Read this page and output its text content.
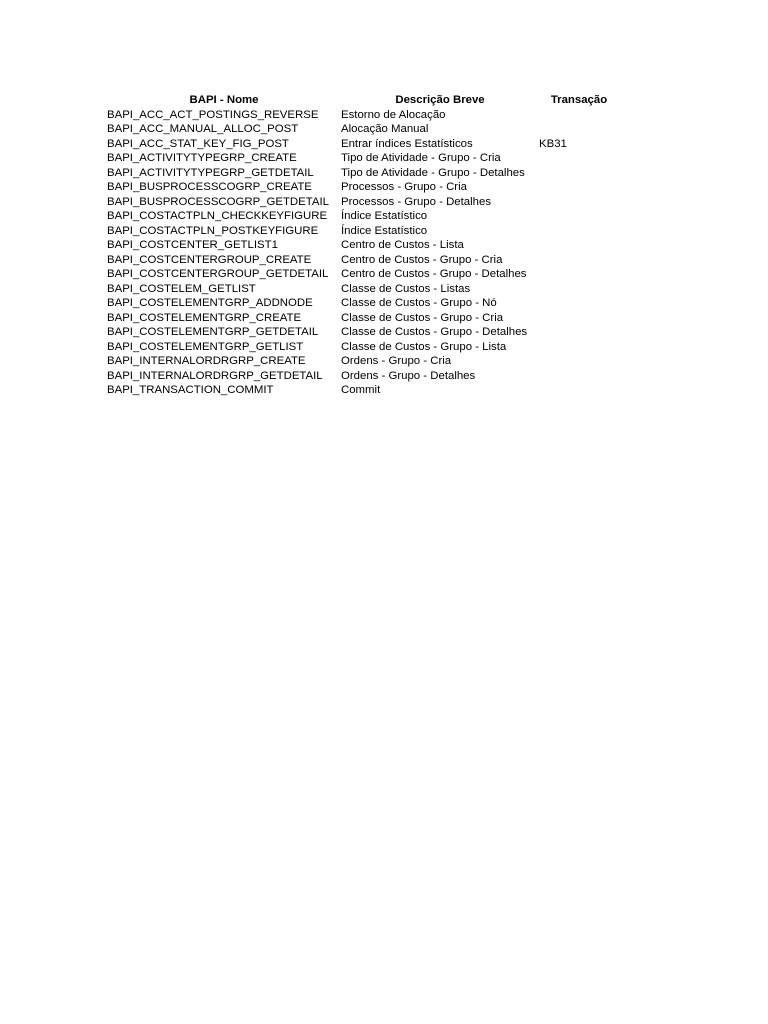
BAPI - Nome	Descrição Breve	Transação
BAPI_ACC_ACT_POSTINGS_REVERSE	Estorno de Alocação	
BAPI_ACC_MANUAL_ALLOC_POST	Alocação Manual	
BAPI_ACC_STAT_KEY_FIG_POST	Entrar índices Estatísticos	KB31
BAPI_ACTIVITYTYPEGRP_CREATE	Tipo de Atividade - Grupo - Cria	
BAPI_ACTIVITYTYPEGRP_GETDETAIL	Tipo de Atividade - Grupo - Detalhes	
BAPI_BUSPROCESSCOGRP_CREATE	Processos - Grupo - Cria	
BAPI_BUSPROCESSCOGRP_GETDETAIL	Processos - Grupo - Detalhes	
BAPI_COSTACTPLN_CHECKKEYFIGURE	Índice Estatístico	
BAPI_COSTACTPLN_POSTKEYFIGURE	Índice Estatístico	
BAPI_COSTCENTER_GETLIST1	Centro de Custos - Lista	
BAPI_COSTCENTERGROUP_CREATE	Centro de Custos - Grupo - Cria	
BAPI_COSTCENTERGROUP_GETDETAIL	Centro de Custos - Grupo - Detalhes	
BAPI_COSTELEM_GETLIST	Classe de Custos - Listas	
BAPI_COSTELEMENTGRP_ADDNODE	Classe de Custos - Grupo - Nó	
BAPI_COSTELEMENTGRP_CREATE	Classe de Custos - Grupo - Cria	
BAPI_COSTELEMENTGRP_GETDETAIL	Classe de Custos - Grupo - Detalhes	
BAPI_COSTELEMENTGRP_GETLIST	Classe de Custos - Grupo - Lista	
BAPI_INTERNALORDRGRP_CREATE	Ordens - Grupo - Cria	
BAPI_INTERNALORDRGRP_GETDETAIL	Ordens - Grupo - Detalhes	
BAPI_TRANSACTION_COMMIT	Commit	
